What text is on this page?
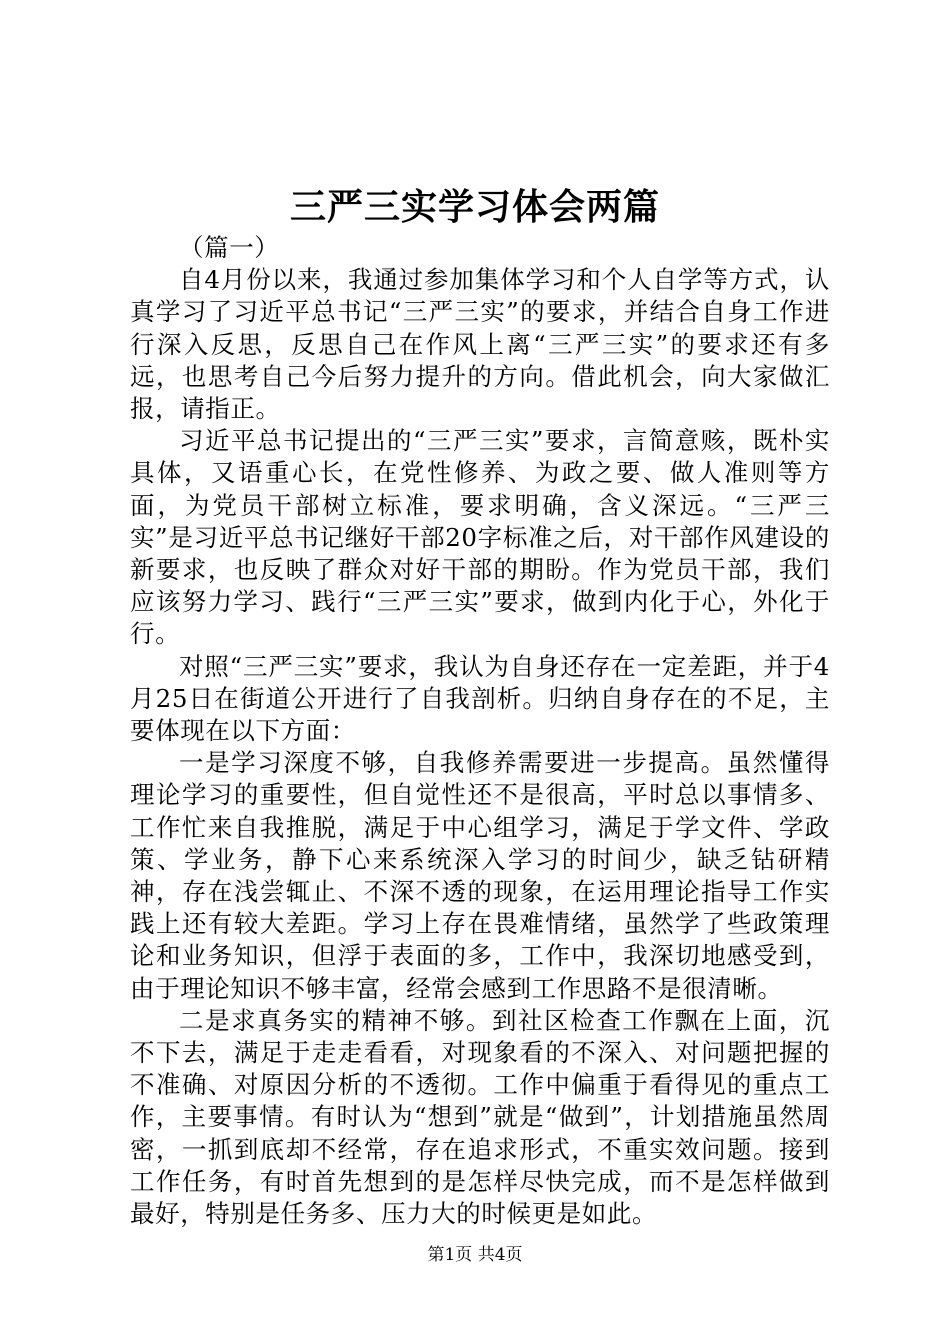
三严三实学习体会两篇

（篇一）

自4月份以来，我通过参加集体学习和个人自学等方式，认真学习了习近平总书记“三严三实”的要求，并结合自身工作进行深入反思，反思自己在作风上离“三严三实”的要求还有多远，也思考自己今后努力提升的方向。借此机会，向大家做汇报，请指正。

习近平总书记提出的“三严三实”要求，言简意赅，既朴实具体，又语重心长，在党性修养、为政之要、做人准则等方面，为党员干部树立标准，要求明确，含义深远。“三严三实”是习近平总书记继好干部20字标准之后，对干部作风建设的新要求，也反映了群众对好干部的期盼。作为党员干部，我们应该努力学习、践行“三严三实”要求，做到内化于心，外化于行。

对照“三严三实”要求，我认为自身还存在一定差距，并于4月25日在街道公开进行了自我剖析。归纳自身存在的不足，主要体现在以下方面：

一是学习深度不够，自我修养需要进一步提高。虽然懂得理论学习的重要性，但自觉性还不是很高，平时总以事情多、工作忙来自我推脱，满足于中心组学习，满足于学文件、学政策、学业务，静下心来系统深入学习的时间少，缺乏钻研精神，存在浅尝辄止、不深不透的现象，在运用理论指导工作实践上还有较大差距。学习上存在畏难情绪，虽然学了些政策理论和业务知识，但浮于表面的多，工作中，我深切地感受到，由于理论知识不够丰富，经常会感到工作思路不是很清晰。

二是求真务实的精神不够。到社区检查工作飘在上面，沉不下去，满足于走走看看，对现象看的不深入、对问题把握的不准确、对原因分析的不透彻。工作中偏重于看得见的重点工作，主要事情。有时认为“想到”就是“做到”，计划措施虽然周密，一抓到底却不经常，存在追求形式，不重实效问题。接到工作任务，有时首先想到的是怎样尽快完成，而不是怎样做到最好，特别是任务多、压力大的时候更是如此。

第1页 共4页
